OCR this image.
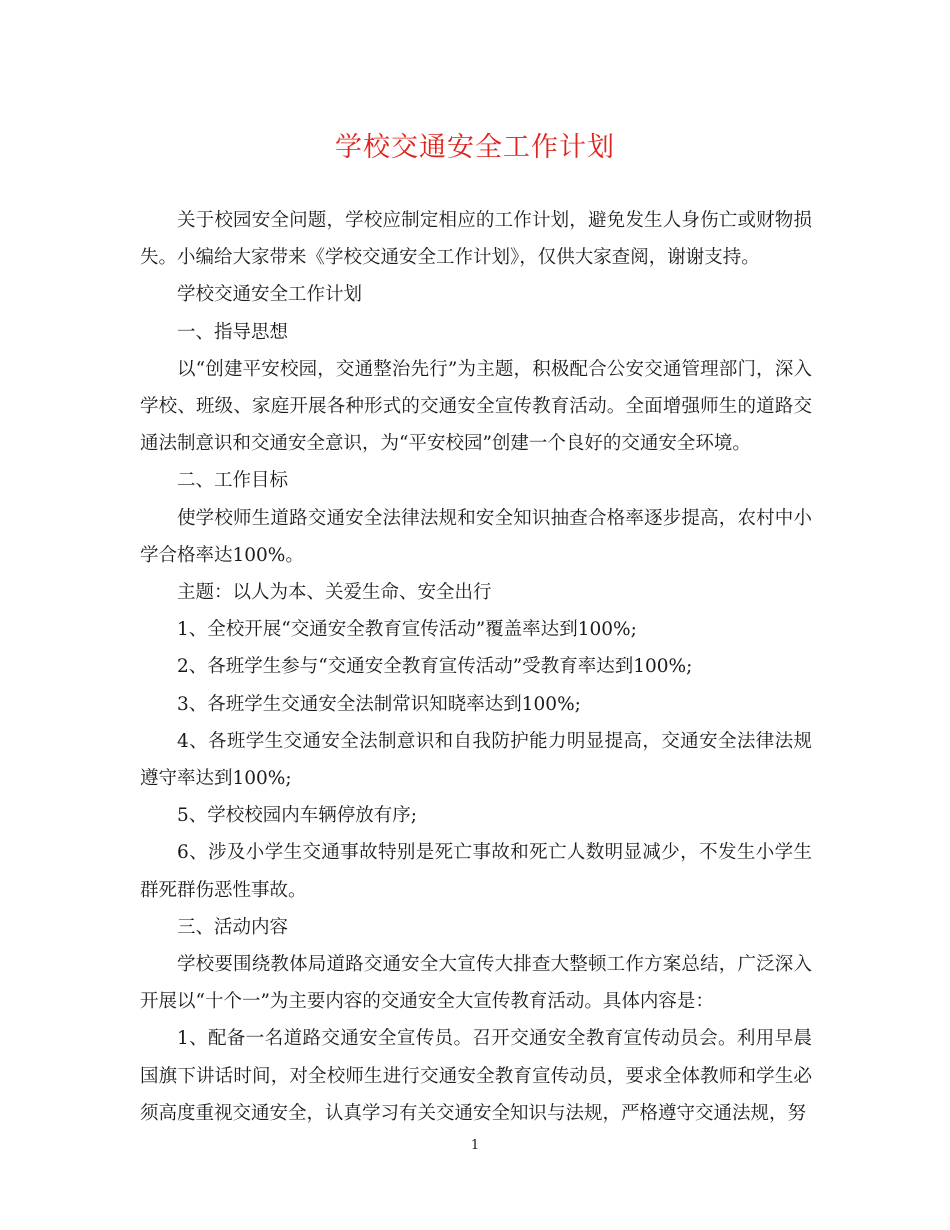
学校交通安全工作计划

关于校园安全问题，学校应制定相应的工作计划，避免发生人身伤亡或财物损失。小编给大家带来《学校交通安全工作计划》，仅供大家查阅，谢谢支持。

学校交通安全工作计划

一、指导思想

以“创建平安校园，交通整治先行”为主题，积极配合公安交通管理部门，深入学校、班级、家庭开展各种形式的交通安全宣传教育活动。全面增强师生的道路交通法制意识和交通安全意识，为“平安校园”创建一个良好的交通安全环境。

二、工作目标

使学校师生道路交通安全法律法规和安全知识抽查合格率逐步提高，农村中小学合格率达100%。

主题：以人为本、关爱生命、安全出行

1、全校开展“交通安全教育宣传活动”覆盖率达到100%;

2、各班学生参与“交通安全教育宣传活动”受教育率达到100%;

3、各班学生交通安全法制常识知晓率达到100%;

4、各班学生交通安全法制意识和自我防护能力明显提高，交通安全法律法规遵守率达到100%;

5、学校校园内车辆停放有序;

6、涉及小学生交通事故特别是死亡事故和死亡人数明显减少，不发生小学生群死群伤恶性事故。

三、活动内容

学校要围绕教体局道路交通安全大宣传大排查大整顿工作方案总结，广泛深入开展以“十个一”为主要内容的交通安全大宣传教育活动。具体内容是：

1、配备一名道路交通安全宣传员。召开交通安全教育宣传动员会。利用早晨国旗下讲话时间，对全校师生进行交通安全教育宣传动员，要求全体教师和学生必须高度重视交通安全，认真学习有关交通安全知识与法规，严格遵守交通法规，努

1
